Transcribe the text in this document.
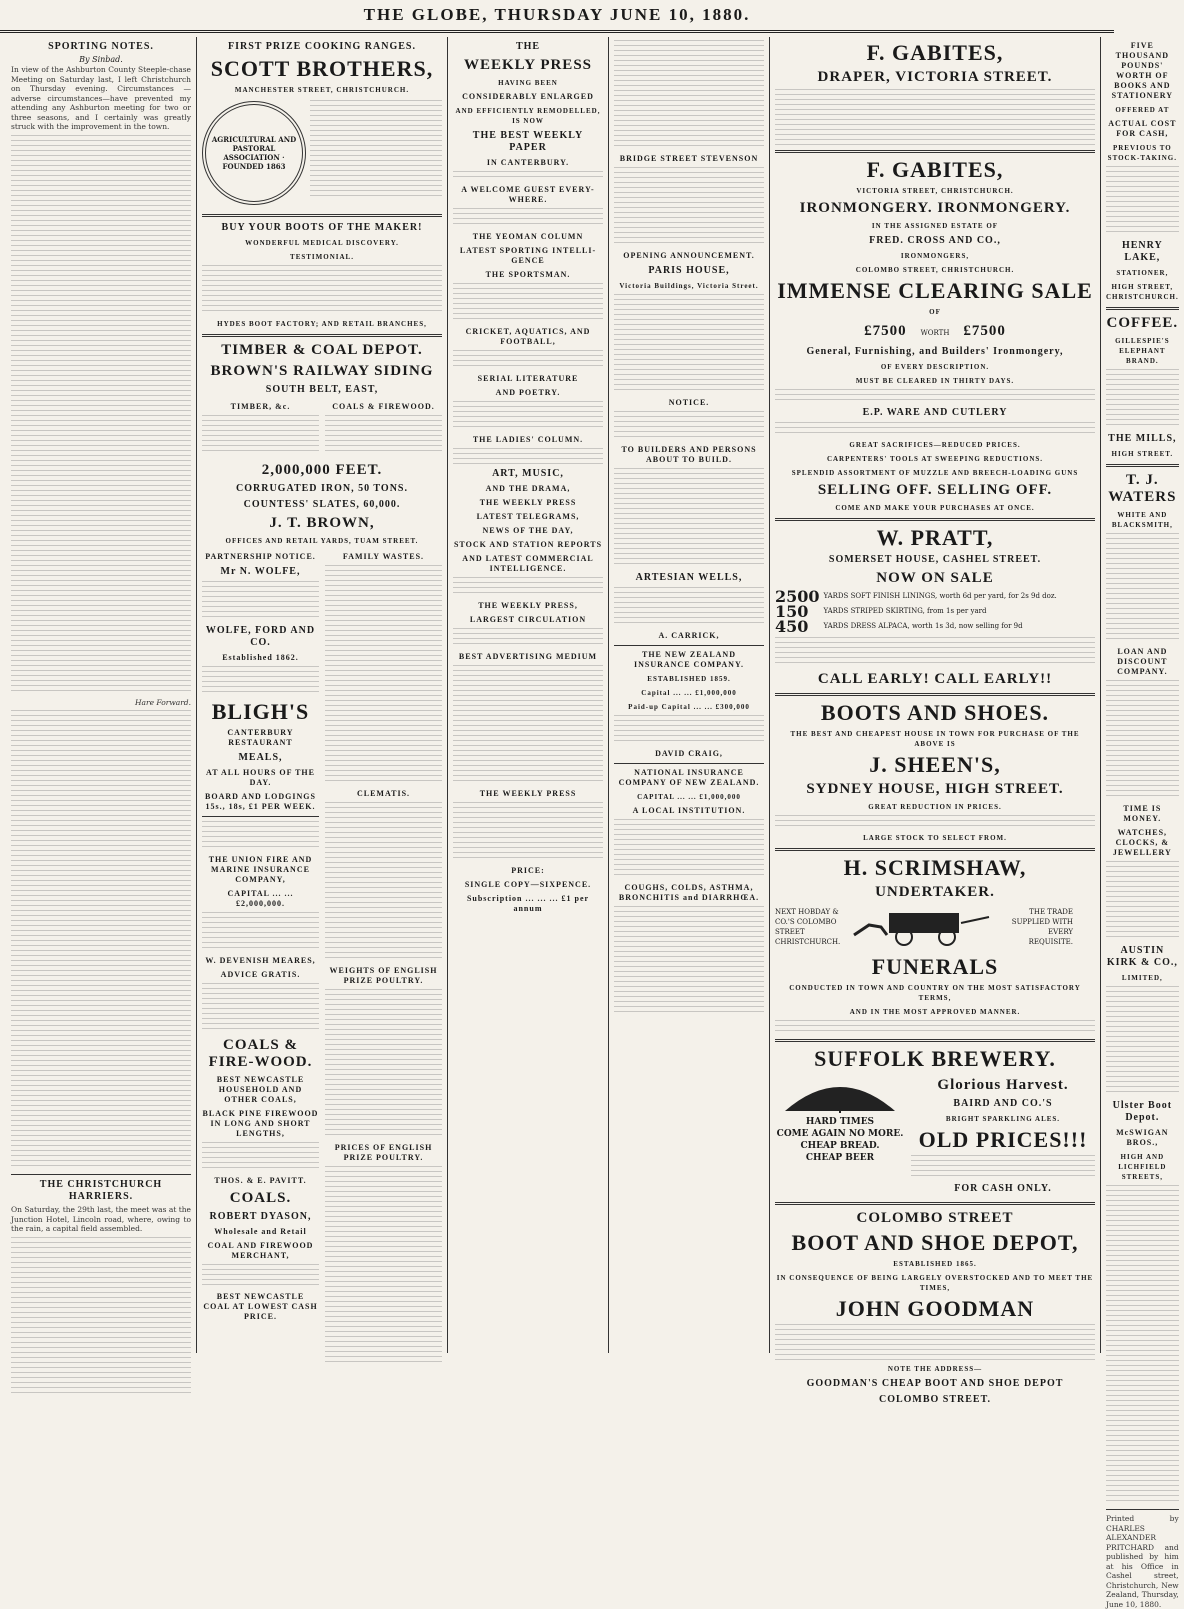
THE GLOBE, THURSDAY JUNE 10, 1880.
SPORTING NOTES.
By Sinbad.
In view of the Ashburton County Steeple-chase Meeting on Saturday last, I left Christchurch on Thursday evening. Circumstances —adverse circumstances—have prevented my attending any Ashburton meeting for two or three seasons, and I certainly was greatly struck with the improvement in the town.
Hare Forward.
THE CHRISTCHURCH HARRIERS.
On Saturday, the 29th last, the meet was at the Junction Hotel, Lincoln road, where, owing to the rain, a capital field assembled.
FIRST PRIZE COOKING RANGES.
SCOTT BROTHERS,
MANCHESTER STREET, CHRISTCHURCH.
AGRICULTURAL AND PASTORAL ASSOCIATION · FOUNDED 1863
BUY YOUR BOOTS OF THE MAKER!
WONDERFUL MEDICAL DISCOVERY.
TESTIMONIAL.
HYDES BOOT FACTORY; AND RETAIL BRANCHES,
TIMBER & COAL DEPOT.
BROWN'S RAILWAY SIDING
SOUTH BELT, EAST,
TIMBER, &c.	COALS & FIREWOOD.
2,000,000 FEET.
CORRUGATED IRON, 50 TONS.
COUNTESS' SLATES, 60,000.
J. T. BROWN,
OFFICES AND RETAIL YARDS, TUAM STREET.
PARTNERSHIP NOTICE.
Mr N. WOLFE,
WOLFE, FORD AND CO.
Established 1862.
BLIGH'S
CANTERBURY RESTAURANT
MEALS,
AT ALL HOURS OF THE DAY.
BOARD AND LODGINGS 15s., 18s, £1 PER WEEK.
THE UNION FIRE AND MARINE INSURANCE COMPANY,
CAPITAL ... ... £2,000,000.
W. DEVENISH MEARES,
ADVICE GRATIS.
COALS & FIRE-WOOD.
BEST NEWCASTLE HOUSEHOLD AND OTHER COALS,
BLACK PINE FIREWOOD IN LONG AND SHORT LENGTHS,
THOS. & E. PAVITT.
COALS.
ROBERT DYASON,
Wholesale and Retail
COAL AND FIREWOOD MERCHANT,
BEST NEWCASTLE COAL AT LOWEST CASH PRICE.
FAMILY WASTES.
CLEMATIS.
WEIGHTS OF ENGLISH PRIZE POULTRY.
PRICES OF ENGLISH PRIZE POULTRY.
THE
WEEKLY PRESS
HAVING BEEN
CONSIDERABLY ENLARGED
AND EFFICIENTLY REMODELLED, IS NOW
THE BEST WEEKLY PAPER
IN CANTERBURY.
A WELCOME GUEST EVERY-WHERE.
THE YEOMAN COLUMN
LATEST SPORTING INTELLI-GENCE
THE SPORTSMAN.
CRICKET, AQUATICS, AND FOOTBALL,
SERIAL LITERATURE
AND POETRY.
THE LADIES' COLUMN.
ART, MUSIC,
AND THE DRAMA,
THE WEEKLY PRESS
LATEST TELEGRAMS,
NEWS OF THE DAY,
STOCK AND STATION REPORTS
AND LATEST COMMERCIAL INTELLIGENCE.
THE WEEKLY PRESS,
LARGEST CIRCULATION
BEST ADVERTISING MEDIUM
THE WEEKLY PRESS
PRICE:
SINGLE COPY—SIXPENCE.
Subscription ... ... ... £1 per annum
BRIDGE STREET STEVENSON
OPENING ANNOUNCEMENT.
PARIS HOUSE,
Victoria Buildings, Victoria Street.
NOTICE.
TO BUILDERS AND PERSONS ABOUT TO BUILD.
ARTESIAN WELLS,
A. CARRICK,
THE NEW ZEALAND INSURANCE COMPANY.
ESTABLISHED 1859.
Capital ... ... £1,000,000
Paid-up Capital ... ... £300,000
DAVID CRAIG,
NATIONAL INSURANCE COMPANY OF NEW ZEALAND.
CAPITAL ... ... £1,000,000
A LOCAL INSTITUTION.
COUGHS, COLDS, ASTHMA, BRONCHITIS and DIARRHŒA.
F. GABITES,
DRAPER, VICTORIA STREET.
F. GABITES,
VICTORIA STREET, CHRISTCHURCH.
IRONMONGERY. IRONMONGERY.
IN THE ASSIGNED ESTATE OF
FRED. CROSS AND CO.,
IRONMONGERS,
COLOMBO STREET, CHRISTCHURCH.
IMMENSE CLEARING SALE
OF
£7500 WORTH £7500
General, Furnishing, and Builders' Ironmongery,
OF EVERY DESCRIPTION.
MUST BE CLEARED IN THIRTY DAYS.
E.P. WARE AND CUTLERY
GREAT SACRIFICES—REDUCED PRICES.
CARPENTERS' TOOLS AT SWEEPING REDUCTIONS.
SPLENDID ASSORTMENT OF MUZZLE AND BREECH-LOADING GUNS
SELLING OFF. SELLING OFF.
COME AND MAKE YOUR PURCHASES AT ONCE.
W. PRATT,
SOMERSET HOUSE, CASHEL STREET.
NOW ON SALE
2500
150
450
YARDS SOFT FINISH LININGS, worth 6d per yard, for 2s 9d doz.
YARDS STRIPED SKIRTING, from 1s per yard
YARDS DRESS ALPACA, worth 1s 3d, now selling for 9d
CALL EARLY! CALL EARLY!!
BOOTS AND SHOES.
THE BEST AND CHEAPEST HOUSE IN TOWN FOR PURCHASE OF THE ABOVE IS
J. SHEEN'S,
SYDNEY HOUSE, HIGH STREET.
GREAT REDUCTION IN PRICES.
LARGE STOCK TO SELECT FROM.
H. SCRIMSHAW,
UNDERTAKER.
NEXT HOBDAY & CO.'S COLOMBO STREET CHRISTCHURCH.
THE TRADE SUPPLIED WITH EVERY REQUISITE.
FUNERALS
CONDUCTED IN TOWN AND COUNTRY ON THE MOST SATISFACTORY TERMS,
AND IN THE MOST APPROVED MANNER.
SUFFOLK BREWERY.
HARD TIMES
COME AGAIN NO MORE.
CHEAP BREAD.
CHEAP BEER
Glorious Harvest.
BAIRD AND CO.'S
BRIGHT SPARKLING ALES.
OLD PRICES!!!
FOR CASH ONLY.
COLOMBO STREET
BOOT AND SHOE DEPOT,
ESTABLISHED 1865.
IN CONSEQUENCE OF BEING LARGELY OVERSTOCKED AND TO MEET THE TIMES,
JOHN GOODMAN
NOTE THE ADDRESS—
GOODMAN'S CHEAP BOOT AND SHOE DEPOT
COLOMBO STREET.
FIVE THOUSAND POUNDS' WORTH OF BOOKS AND STATIONERY
OFFERED AT
ACTUAL COST FOR CASH,
PREVIOUS TO STOCK-TAKING.
HENRY LAKE,
STATIONER,
HIGH STREET, CHRISTCHURCH.
COFFEE.
GILLESPIE'S ELEPHANT BRAND.
THE MILLS,
HIGH STREET.
T. J. WATERS
WHITE AND BLACKSMITH,
LOAN AND DISCOUNT COMPANY.
TIME IS MONEY.
WATCHES, CLOCKS, & JEWELLERY
AUSTIN KIRK & CO.,
LIMITED,
Ulster Boot Depot.
McSWIGAN BROS.,
HIGH AND LICHFIELD STREETS,
Printed by CHARLES ALEXANDER PRITCHARD and published by him at his Office in Cashel street, Christchurch, New Zealand, Thursday, June 10, 1880.
